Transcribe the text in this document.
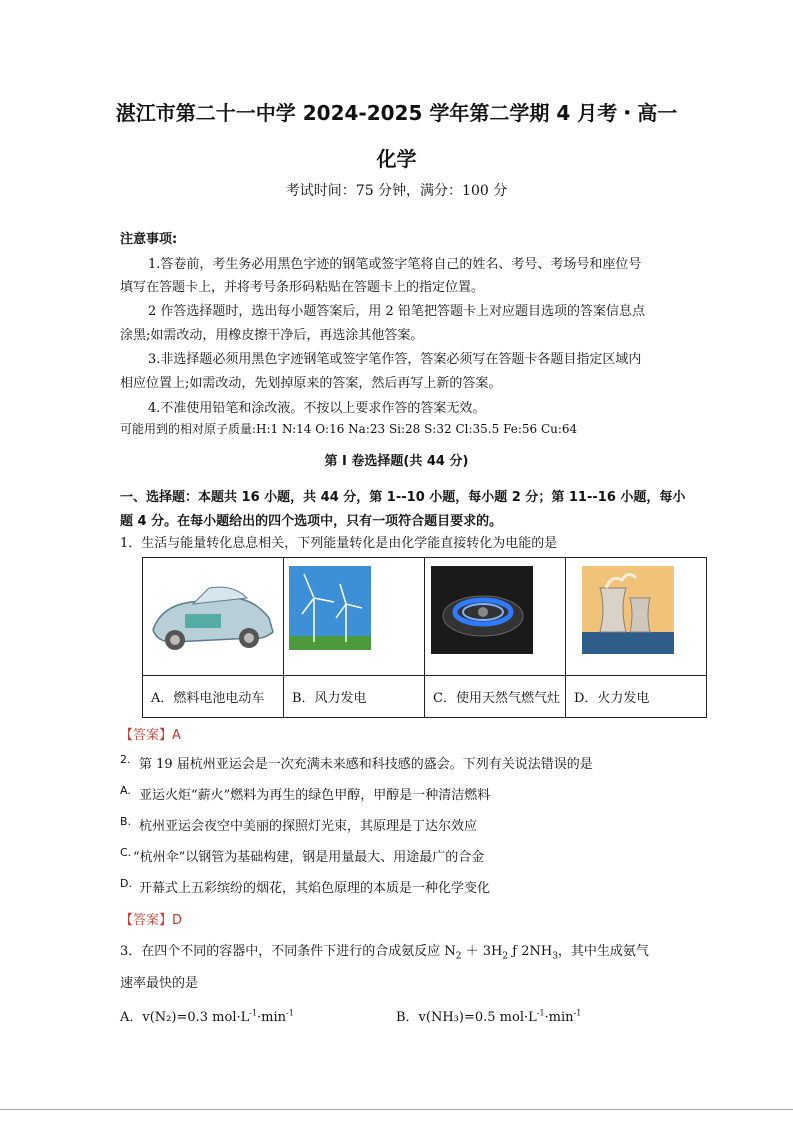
湛江市第二十一中学 2024-2025 学年第二学期 4 月考・高一
化学
考试时间：75 分钟，满分：100 分
注意事项:
1.答卷前，考生务必用黑色字迹的钢笔或签字笔将自己的姓名、考号、考场号和座位号
填写在答题卡上，并将考号条形码粘贴在答题卡上的指定位置。
2 作答选择题时，选出每小题答案后，用 2 铅笔把答题卡上对应题目选项的答案信息点
涂黑;如需改动，用橡皮擦干净后，再选涂其他答案。
3.非选择题必须用黑色字迹钢笔或签字笔作答，答案必须写在答题卡各题目指定区域内
相应位置上;如需改动，先划掉原来的答案，然后再写上新的答案。
4.不准使用铅笔和涂改液。不按以上要求作答的答案无效。
可能用到的相对原子质量:H:1 N:14 O:16 Na:23 Si:28 S:32 Cl:35.5 Fe:56 Cu:64
第 I 卷选择题(共 44 分)
一、选择题：本题共 16 小题，共 44 分，第 1--10 小题，每小题 2 分；第 11--16 小题，每小
题 4 分。在每小题给出的四个选项中，只有一项符合题目要求的。
1．生活与能量转化息息相关，下列能量转化是由化学能直接转化为电能的是

A．燃料电池电动车	B．风力发电	C．使用天然气燃气灶	D．火力发电
【答案】A
2. 第 19 届杭州亚运会是一次充满未来感和科技感的盛会。下列有关说法错误的是
A. 亚运火炬“薪火”燃料为再生的绿色甲醇，甲醇是一种清洁燃料
B. 杭州亚运会夜空中美丽的探照灯光束，其原理是丁达尔效应
C. “杭州伞”以钢管为基础构建，钢是用量最大、用途最广的合金
D. 开幕式上五彩缤纷的烟花，其焰色原理的本质是一种化学变化
【答案】D
3．在四个不同的容器中，不同条件下进行的合成氨反应 $N_2 + 3H_2$ ƒ $2NH_3$，其中生成氨气
速率最快的是
A．v(N₂)=0.3 $mol\cdot L^{-1}\cdot\min^{-1}$	B．v(NH₃)=0.5 $mol\cdot L^{-1}\cdot\min^{-1}$
